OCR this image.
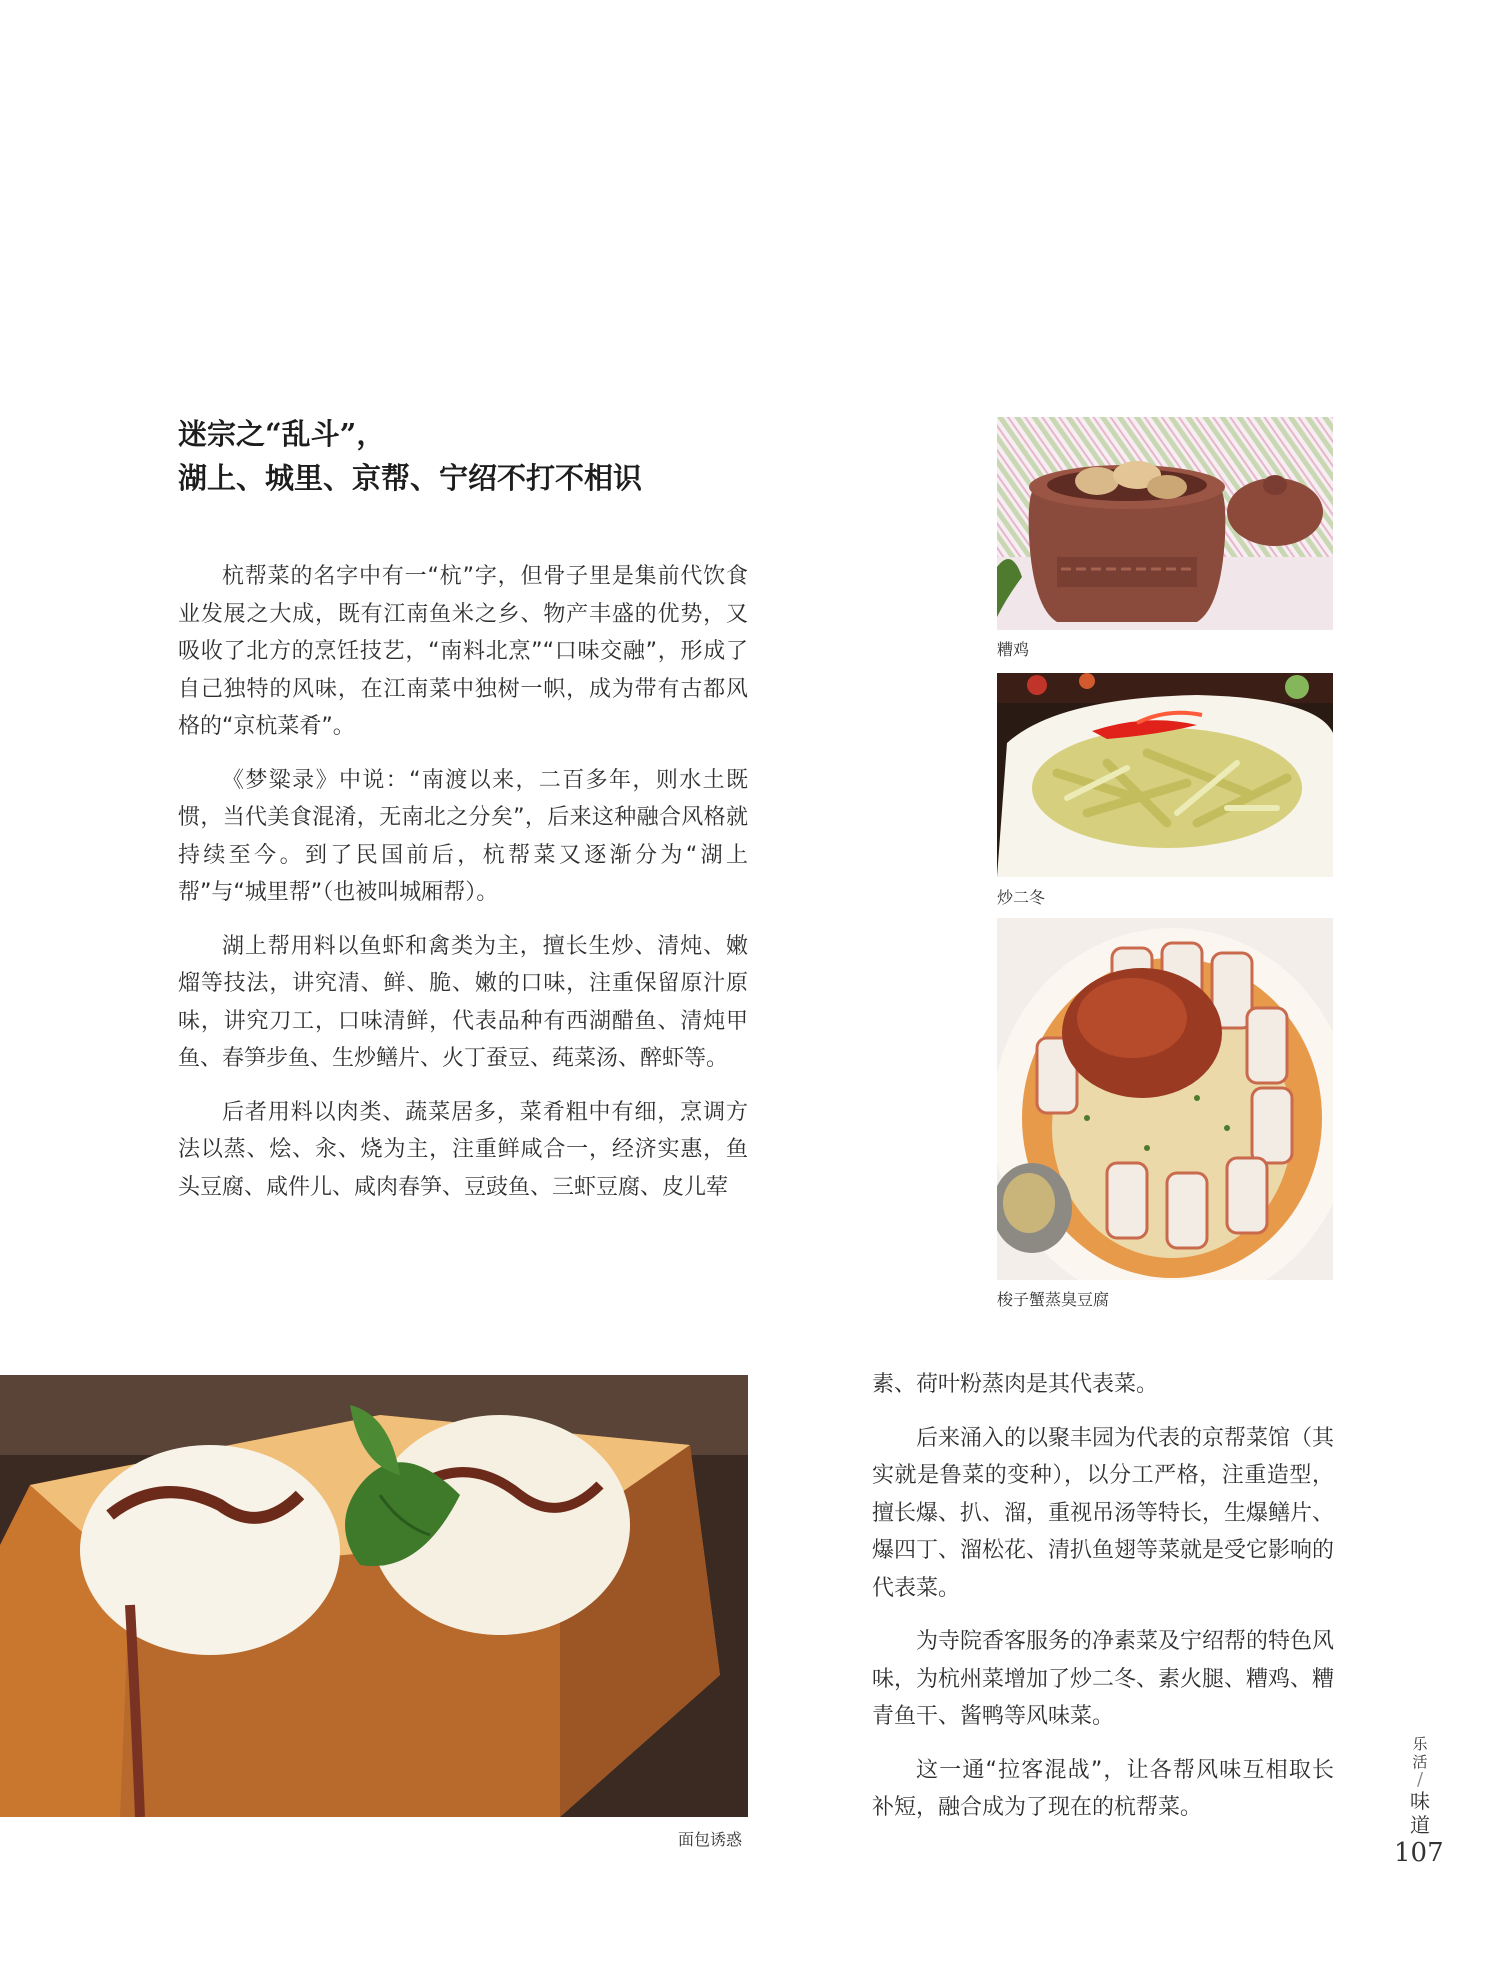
迷宗之“乱斗”，
湖上、城里、京帮、宁绍不打不相识

杭帮菜的名字中有一“杭”字，但骨子里是集前代饮食业发展之大成，既有江南鱼米之乡、物产丰盛的优势，又吸收了北方的烹饪技艺，“南料北烹”“口味交融”，形成了自己独特的风味，在江南菜中独树一帜，成为带有古都风格的“京杭菜肴”。

《梦粱录》中说：“南渡以来，二百多年，则水土既惯，当代美食混淆，无南北之分矣”，后来这种融合风格就持续至今。到了民国前后，杭帮菜又逐渐分为“湖上帮”与“城里帮”（也被叫城厢帮）。

湖上帮用料以鱼虾和禽类为主，擅长生炒、清炖、嫩熘等技法，讲究清、鲜、脆、嫩的口味，注重保留原汁原味，讲究刀工，口味清鲜，代表品种有西湖醋鱼、清炖甲鱼、春笋步鱼、生炒鳝片、火丁蚕豆、莼菜汤、醉虾等。

后者用料以肉类、蔬菜居多，菜肴粗中有细，烹调方法以蒸、烩、汆、烧为主，注重鲜咸合一，经济实惠，鱼头豆腐、咸件儿、咸肉春笋、豆豉鱼、三虾豆腐、皮儿荤

素、荷叶粉蒸肉是其代表菜。

后来涌入的以聚丰园为代表的京帮菜馆（其实就是鲁菜的变种），以分工严格，注重造型，擅长爆、扒、溜，重视吊汤等特长，生爆鳝片、爆四丁、溜松花、清扒鱼翅等菜就是受它影响的代表菜。

为寺院香客服务的净素菜及宁绍帮的特色风味，为杭州菜增加了炒二冬、素火腿、糟鸡、糟青鱼干、酱鸭等风味菜。

这一通“拉客混战”，让各帮风味互相取长补短，融合成为了现在的杭帮菜。

糟鸡
炒二冬
梭子蟹蒸臭豆腐
面包诱惑
乐
活
/
味
道
107
